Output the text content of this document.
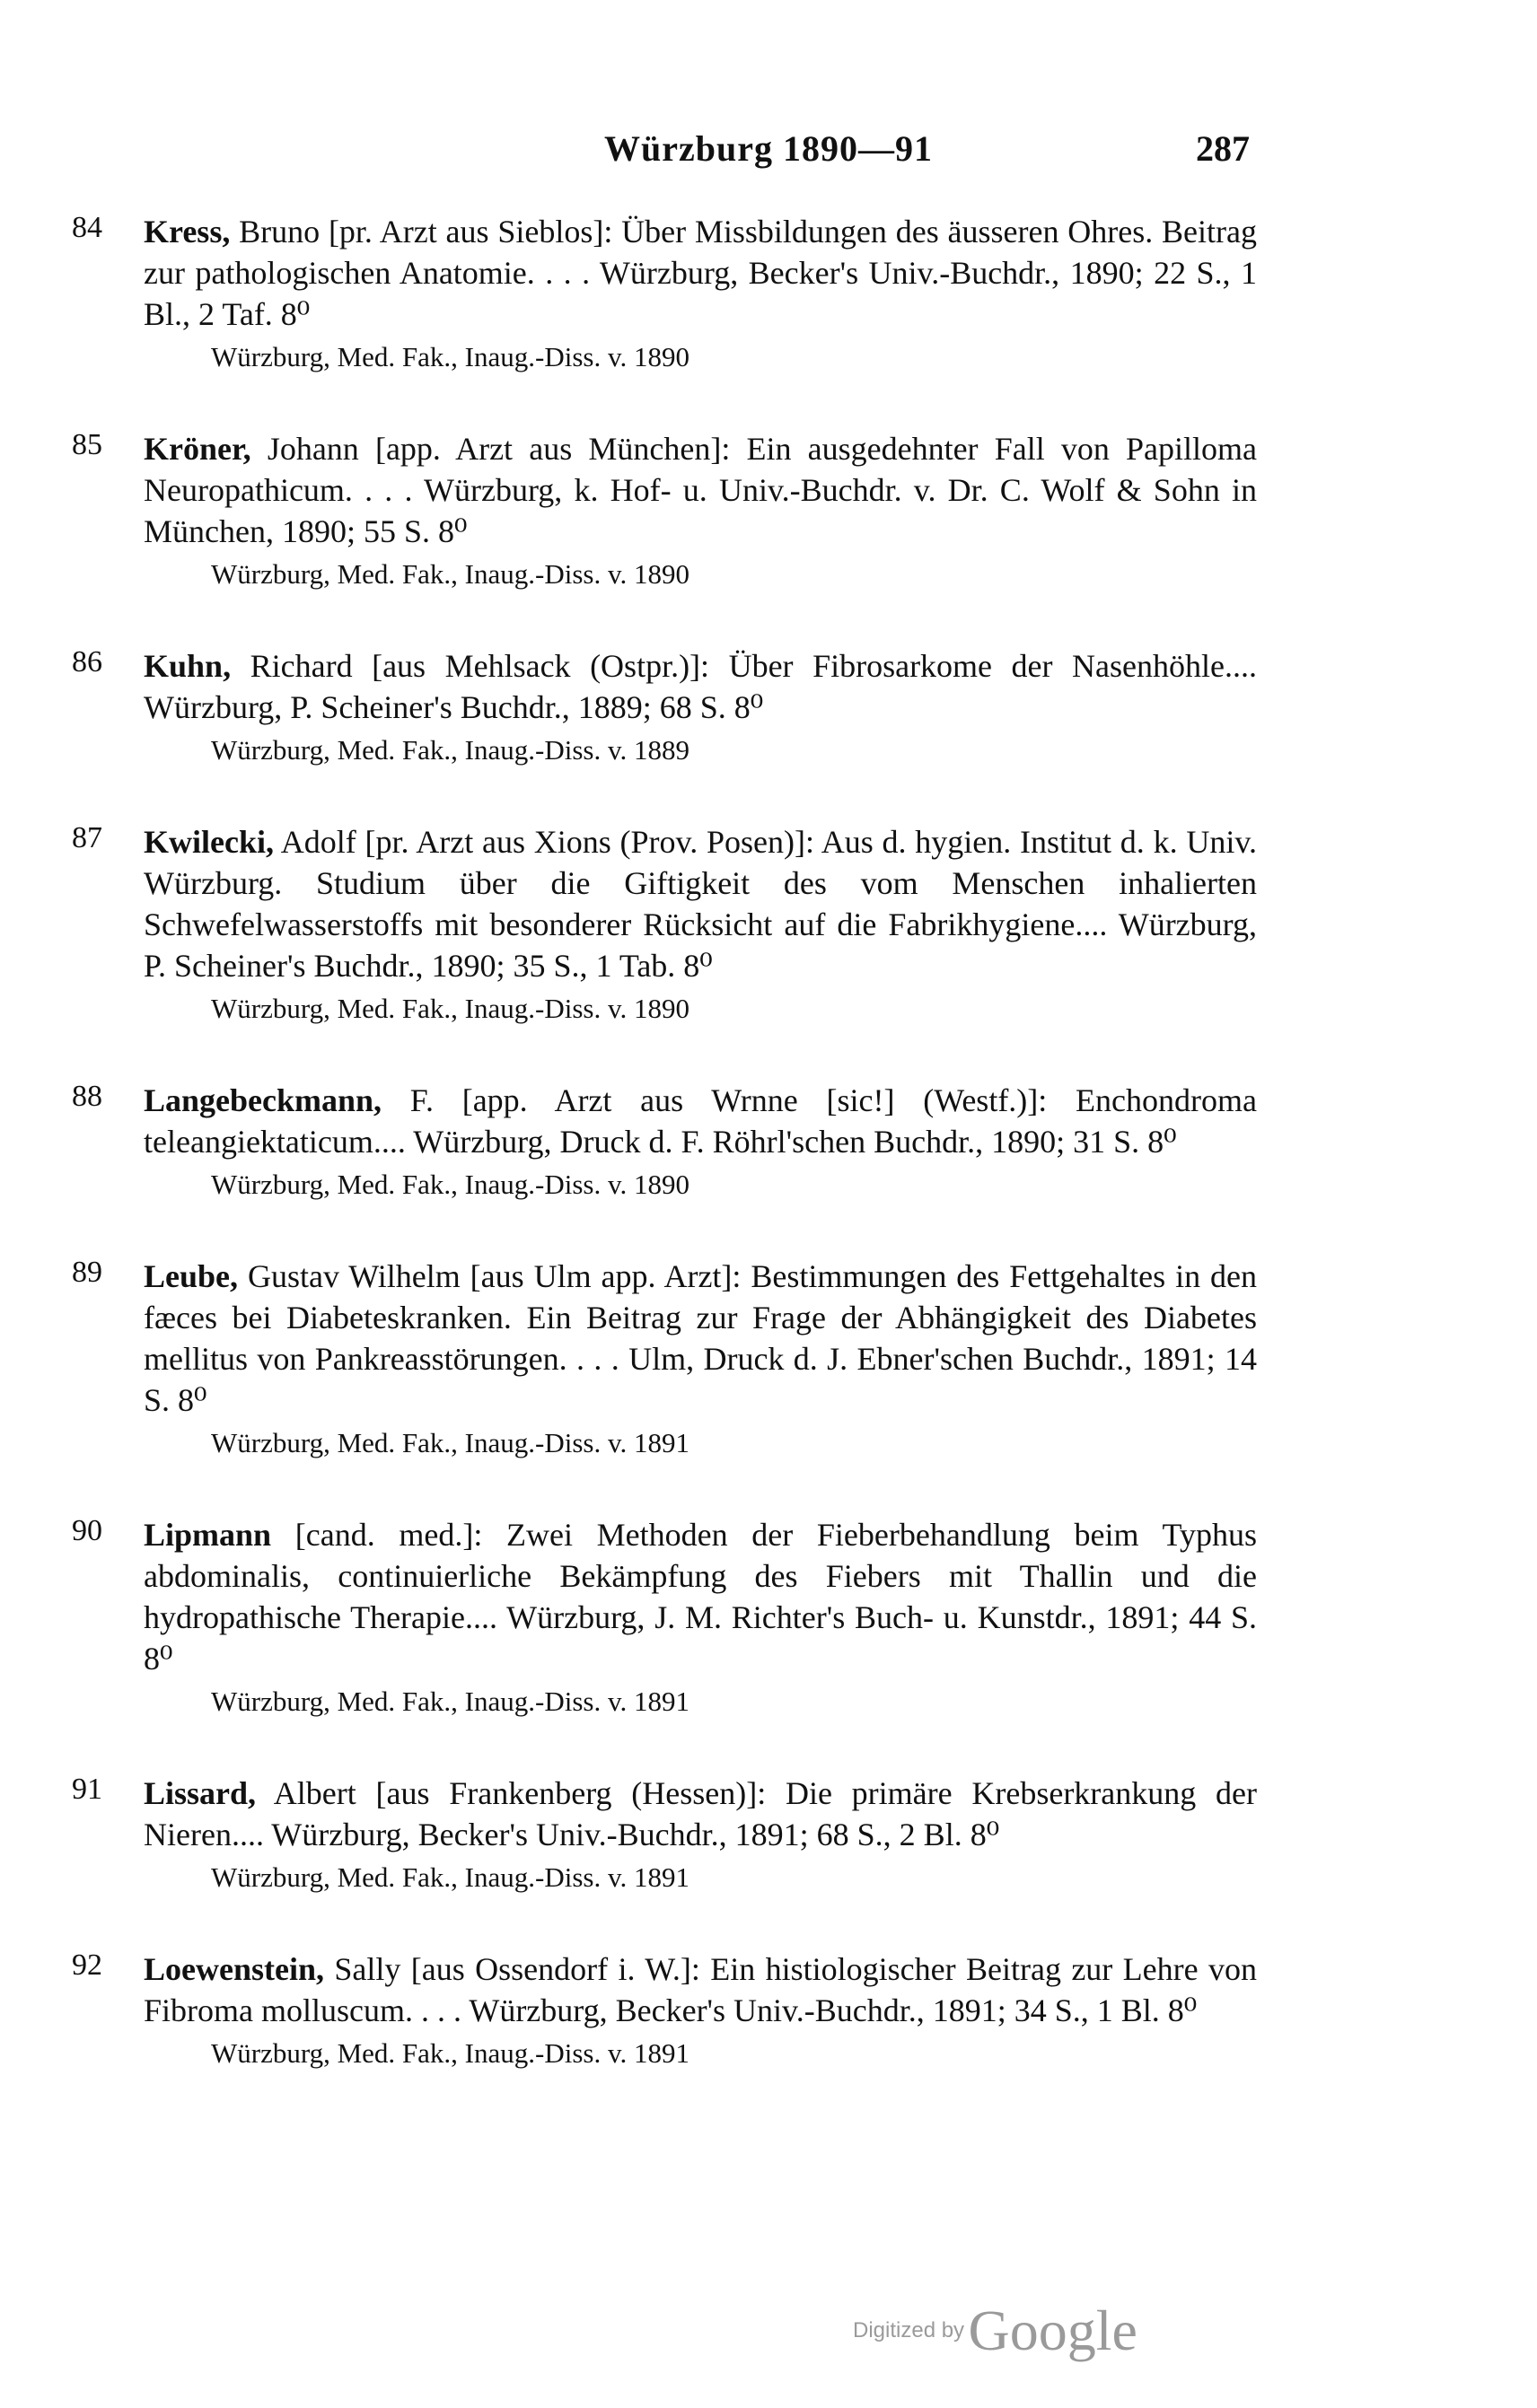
Würzburg 1890—91	287
84	Kress, Bruno [pr. Arzt aus Sieblos]: Über Missbildungen des äusseren Ohres. Beitrag zur pathologischen Anatomie. . . . Würzburg, Becker's Univ.-Buchdr., 1890; 22 S., 1 Bl., 2 Taf. 8⁰

Würzburg, Med. Fak., Inaug.-Diss. v. 1890

85	Kröner, Johann [app. Arzt aus München]: Ein ausgedehnter Fall von Papilloma Neuropathicum. . . . Würzburg, k. Hof- u. Univ.-Buchdr. v. Dr. C. Wolf & Sohn in München, 1890; 55 S. 8⁰

Würzburg, Med. Fak., Inaug.-Diss. v. 1890

86	Kuhn, Richard [aus Mehlsack (Ostpr.)]: Über Fibrosarkome der Nasenhöhle.... Würzburg, P. Scheiner's Buchdr., 1889; 68 S. 8⁰

Würzburg, Med. Fak., Inaug.-Diss. v. 1889

87	Kwilecki, Adolf [pr. Arzt aus Xions (Prov. Posen)]: Aus d. hygien. Institut d. k. Univ. Würzburg. Studium über die Giftigkeit des vom Menschen inhalierten Schwefelwasserstoffs mit besonderer Rücksicht auf die Fabrikhygiene.... Würzburg, P. Scheiner's Buchdr., 1890; 35 S., 1 Tab. 8⁰

Würzburg, Med. Fak., Inaug.-Diss. v. 1890

88	Langebeckmann, F. [app. Arzt aus Wrnne [sic!] (Westf.)]: Enchondroma teleangiektaticum.... Würzburg, Druck d. F. Röhrl'schen Buchdr., 1890; 31 S. 8⁰

Würzburg, Med. Fak., Inaug.-Diss. v. 1890

89	Leube, Gustav Wilhelm [aus Ulm app. Arzt]: Bestimmungen des Fettgehaltes in den fæces bei Diabeteskranken. Ein Beitrag zur Frage der Abhängigkeit des Diabetes mellitus von Pankreasstörungen. . . . Ulm, Druck d. J. Ebner'schen Buchdr., 1891; 14 S. 8⁰

Würzburg, Med. Fak., Inaug.-Diss. v. 1891

90	Lipmann [cand. med.]: Zwei Methoden der Fieberbehandlung beim Typhus abdominalis, continuierliche Bekämpfung des Fiebers mit Thallin und die hydropathische Therapie.... Würzburg, J. M. Richter's Buch- u. Kunstdr., 1891; 44 S. 8⁰

Würzburg, Med. Fak., Inaug.-Diss. v. 1891

91	Lissard, Albert [aus Frankenberg (Hessen)]: Die primäre Krebserkrankung der Nieren.... Würzburg, Becker's Univ.-Buchdr., 1891; 68 S., 2 Bl. 8⁰

Würzburg, Med. Fak., Inaug.-Diss. v. 1891

92	Loewenstein, Sally [aus Ossendorf i. W.]: Ein histiologischer Beitrag zur Lehre von Fibroma molluscum. . . . Würzburg, Becker's Univ.-Buchdr., 1891; 34 S., 1 Bl. 8⁰

Würzburg, Med. Fak., Inaug.-Diss. v. 1891

Digitized by Google
